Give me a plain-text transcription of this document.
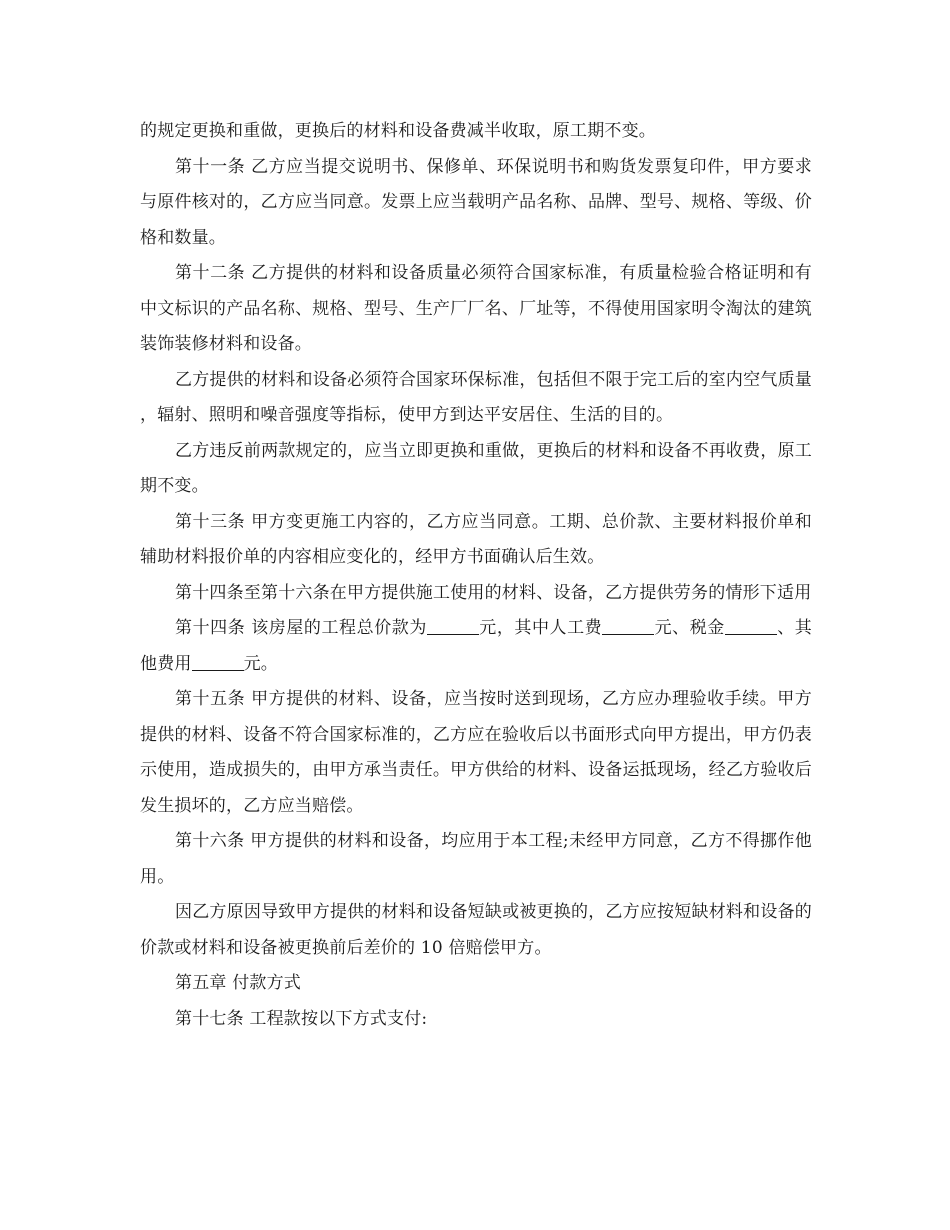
的规定更换和重做，更换后的材料和设备费减半收取，原工期不变。

第十一条 乙方应当提交说明书、保修单、环保说明书和购货发票复印件，甲方要求与原件核对的，乙方应当同意。发票上应当载明产品名称、品牌、型号、规格、等级、价格和数量。

第十二条 乙方提供的材料和设备质量必须符合国家标准，有质量检验合格证明和有中文标识的产品名称、规格、型号、生产厂厂名、厂址等，不得使用国家明令淘汰的建筑装饰装修材料和设备。

乙方提供的材料和设备必须符合国家环保标准，包括但不限于完工后的室内空气质量，辐射、照明和噪音强度等指标，使甲方到达平安居住、生活的目的。

乙方违反前两款规定的，应当立即更换和重做，更换后的材料和设备不再收费，原工期不变。

第十三条 甲方变更施工内容的，乙方应当同意。工期、总价款、主要材料报价单和辅助材料报价单的内容相应变化的，经甲方书面确认后生效。

第十四条至第十六条在甲方提供施工使用的材料、设备，乙方提供劳务的情形下适用

第十四条 该房屋的工程总价款为	元，其中人工费	元、税金	、其他费用	元。

第十五条 甲方提供的材料、设备，应当按时送到现场，乙方应办理验收手续。甲方提供的材料、设备不符合国家标准的，乙方应在验收后以书面形式向甲方提出，甲方仍表示使用，造成损失的，由甲方承当责任。甲方供给的材料、设备运抵现场，经乙方验收后发生损坏的，乙方应当赔偿。

第十六条 甲方提供的材料和设备，均应用于本工程;未经甲方同意，乙方不得挪作他用。

因乙方原因导致甲方提供的材料和设备短缺或被更换的，乙方应按短缺材料和设备的价款或材料和设备被更换前后差价的 10 倍赔偿甲方。

第五章 付款方式

第十七条 工程款按以下方式支付:
